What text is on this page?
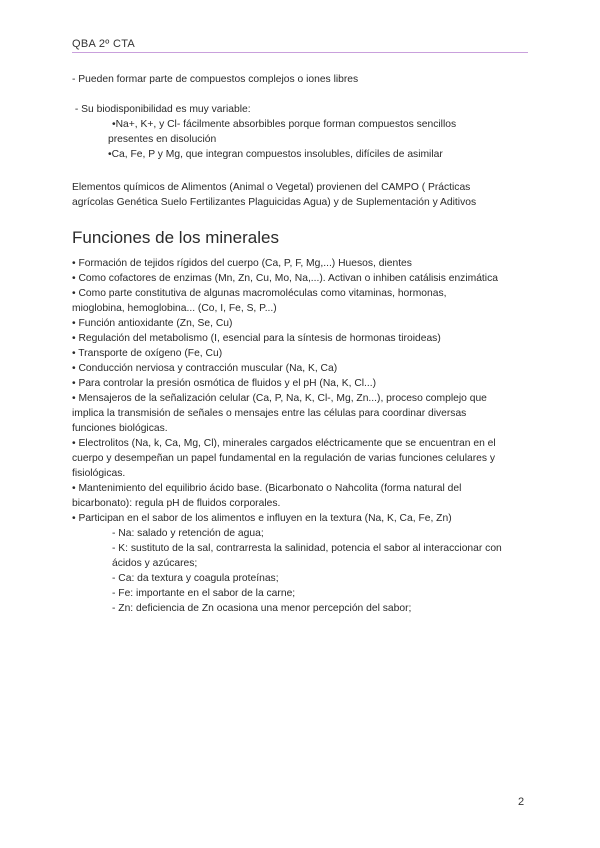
QBA 2º CTA
- Pueden formar parte de compuestos complejos o iones libres
- Su biodisponibilidad es muy variable:
•Na+, K+, y Cl- fácilmente absorbibles porque forman compuestos sencillos
presentes en disolución
•Ca, Fe, P y Mg, que integran compuestos insolubles, difíciles de asimilar
Elementos químicos de Alimentos (Animal o Vegetal) provienen del CAMPO ( Prácticas
agrícolas Genética Suelo Fertilizantes Plaguicidas Agua) y de Suplementación y Aditivos
Funciones de los minerales
• Formación de tejidos rígidos del cuerpo (Ca, P, F, Mg,...) Huesos, dientes
• Como cofactores de enzimas (Mn, Zn, Cu, Mo, Na,...). Activan o inhiben catálisis enzimática
• Como parte constitutiva de algunas macromoléculas como vitaminas, hormonas,
mioglobina, hemoglobina... (Co, I, Fe, S, P...)
• Función antioxidante (Zn, Se, Cu)
• Regulación del metabolismo (I, esencial para la síntesis de hormonas tiroideas)
• Transporte de oxígeno (Fe, Cu)
• Conducción nerviosa y contracción muscular (Na, K, Ca)
• Para controlar la presión osmótica de fluidos y el pH (Na, K, Cl...)
• Mensajeros de la señalización celular (Ca, P, Na, K, Cl-, Mg, Zn...), proceso complejo que
implica la transmisión de señales o mensajes entre las células para coordinar diversas
funciones biológicas.
• Electrolitos (Na, k, Ca, Mg, Cl), minerales cargados eléctricamente que se encuentran en el
cuerpo y desempeñan un papel fundamental en la regulación de varias funciones celulares y
fisiológicas.
• Mantenimiento del equilibrio ácido base. (Bicarbonato o Nahcolita (forma natural del
bicarbonato): regula pH de fluidos corporales.
• Participan en el sabor de los alimentos e influyen en la textura (Na, K, Ca, Fe, Zn)
- Na: salado y retención de agua;
- K: sustituto de la sal, contrarresta la salinidad, potencia el sabor al interaccionar con
ácidos y azúcares;
- Ca: da textura y coagula proteínas;
- Fe: importante en el sabor de la carne;
- Zn: deficiencia de Zn ocasiona una menor percepción del sabor;
2
